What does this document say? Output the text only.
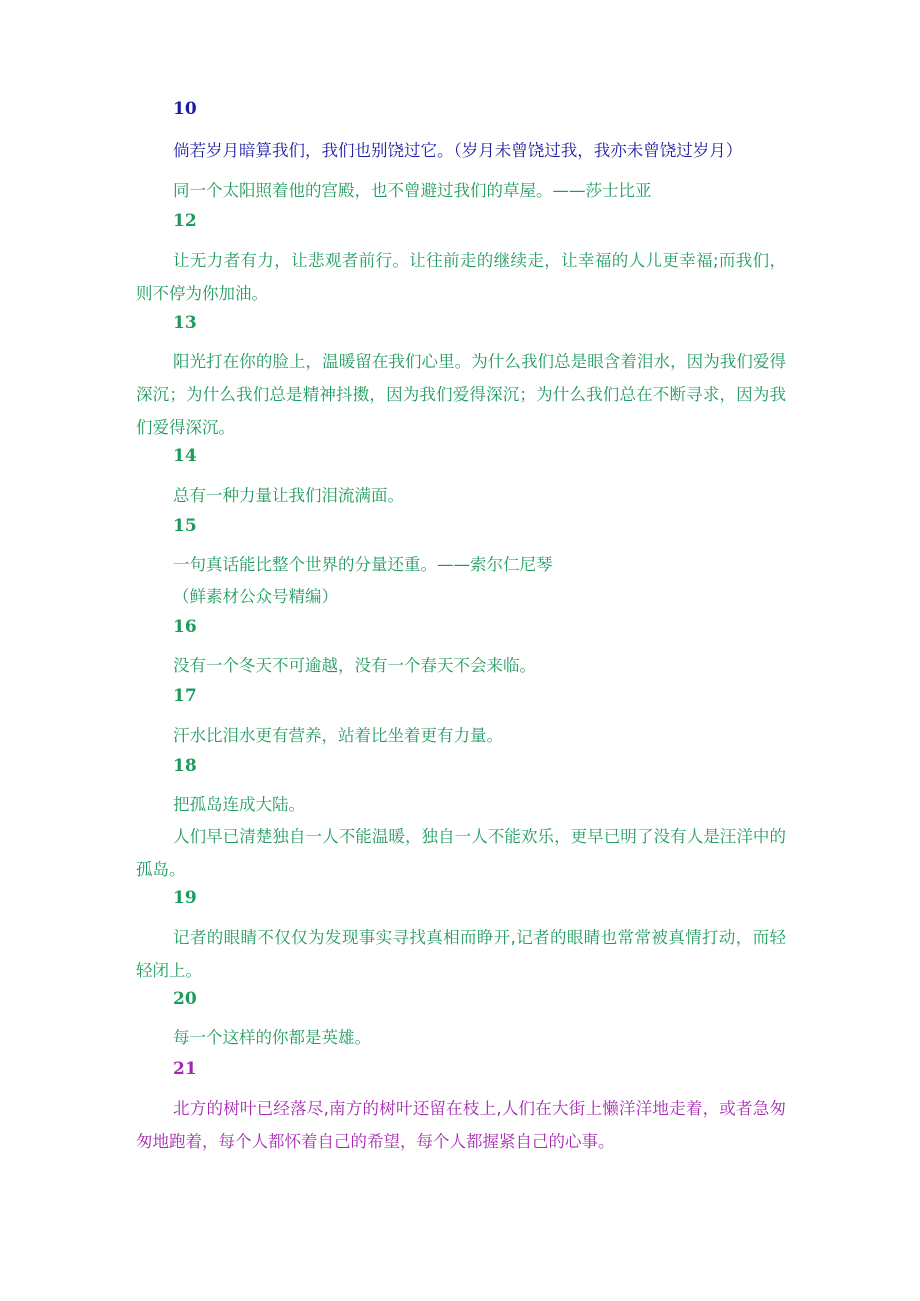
10
倘若岁月暗算我们，我们也别饶过它。（岁月未曾饶过我，我亦未曾饶过岁月）
同一个太阳照着他的宫殿，也不曾避过我们的草屋。——莎士比亚
12
让无力者有力，让悲观者前行。让往前走的继续走，让幸福的人儿更幸福;而我们，则不停为你加油。
13
阳光打在你的脸上，温暖留在我们心里。为什么我们总是眼含着泪水，因为我们爱得深沉；为什么我们总是精神抖擞，因为我们爱得深沉；为什么我们总在不断寻求，因为我们爱得深沉。
14
总有一种力量让我们泪流满面。
15
一句真话能比整个世界的分量还重。——索尔仁尼琴
（鲜素材公众号精编）
16
没有一个冬天不可逾越，没有一个春天不会来临。
17
汗水比泪水更有营养，站着比坐着更有力量。
18
把孤岛连成大陆。
人们早已清楚独自一人不能温暖，独自一人不能欢乐，更早已明了没有人是汪洋中的孤岛。
19
记者的眼睛不仅仅为发现事实寻找真相而睁开,记者的眼睛也常常被真情打动，而轻轻闭上。
20
每一个这样的你都是英雄。
21
北方的树叶已经落尽,南方的树叶还留在枝上,人们在大街上懒洋洋地走着，或者急匆匆地跑着，每个人都怀着自己的希望，每个人都握紧自己的心事。
